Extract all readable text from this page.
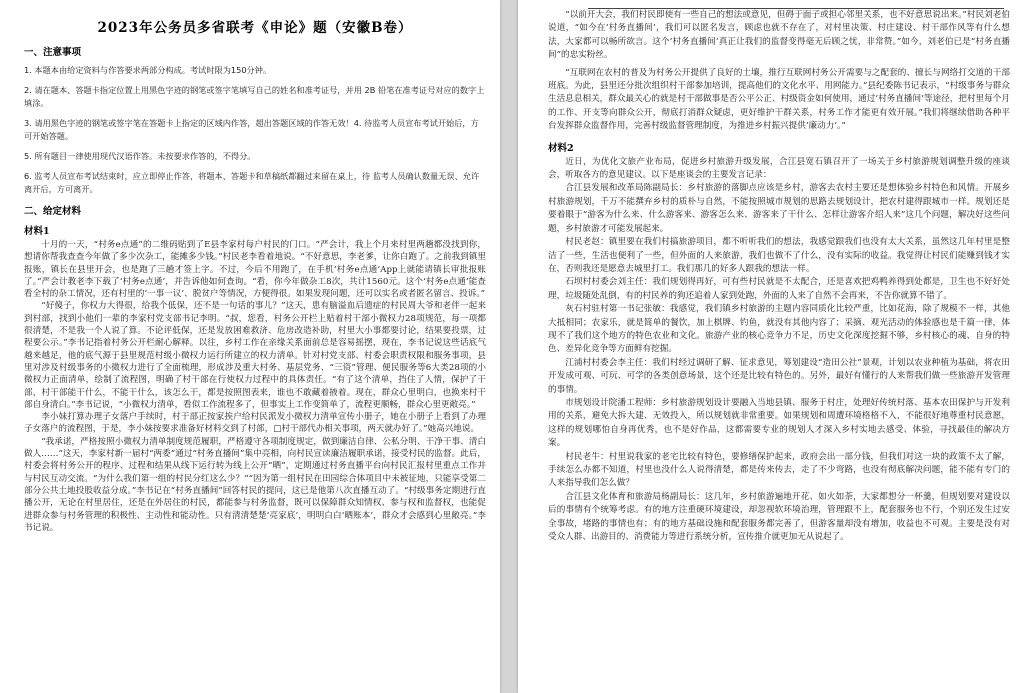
2023年公务员多省联考《申论》题（安徽B卷）
一、注意事项

1. 本题本由给定资料与作答要求两部分构成。考试时限为150分钟。

2. 请在题本、答题卡指定位置上用黑色字迹的钢笔或签字笔填写自己的姓名和准考证号，并用 2B 铅笔在准考证号对应的数字上填涂。

3. 请用黑色字迹的钢笔或签字笔在答题卡上指定的区域内作答，超出答题区域的作答无效！4. 待监考人员宣布考试开始后，方可开始答题。

5. 所有题目一律使用现代汉语作答。未按要求作答的，不得分。

6. 监考人员宣布考试结束时，应立即停止作答，将题本、答题卡和草稿纸都翻过来留在桌上，待 监考人员确认数量无误、允许离开后，方可离开。

二、给定材料
材料1

十月的一天，“村务e点通”的二维码贴到了E县李家村每户村民的门口。“严会计，我上个月来村里两趟都没找到你，想请你帮我查查今年做了多少次杂工，能摊多少钱。”村民老李看着地说。“不好意思，李老爹，让你白跑了。之前我到镇里报账，镇长在县里开会，也是跑了三趟才签上字。不过，今后不用跑了，在手机‘村务e点通’App上就能请镇长审批报账了。”严会计教老李下载了‘村务e点通’，并告诉他如何查询。“看，你今年做杂工8次，共计1560元。这个‘村务e点通’能查看全村的杂工情况，还有村里的‘一事一议’、脱贫户等情况，方便得很。如果发现问题，还可以实名或者匿名留言、投诉。”

“好傻子，你权力大得很，给我个低保，还不是一句话的事儿？”这天，患有脑溢血后遗症的村民周大爷和老伴一起来到村部，找到小他们一辈的李家村党支部书记李明。“叔，您看，村务公开栏上贴着村干部小微权力28项规范，每一项都很清楚，不是我一个人说了算。不论评低保，还是发放困难救济、危房改造补助，村里大小事都要讨论，结果要投票，过程要公示。”李书记指着村务公开栏耐心解释。以往，乡村工作在亲缘关系面前总是容易摇摆，现在，李书记说这些话底气越来越足，他的底气源于县里规范村级小微权力运行所建立的权力清单。针对村党支部、村委会职责权限和服务事项，县里对涉及村级事务的小微权力进行了全面梳理，形成涉及重大村务、基层党务、“三资”管理、便民服务等6大类28项的小微权力正面清单，绘制了流程图，明确了村干部在行使权力过程中的具体责任。“有了这个清单，挡住了人情，保护了干部，村干部能干什么，不能干什么，该怎么干，都是按照图表来，谁也不敢藏着掖着。现在，群众心里明白，也换来村干部自身清白。”李书记说，“小微权力清单，看似工作流程多了，但事实上工作变简单了，流程更顺畅，群众心里更敞亮。”

李小妹打算办理子女落户手续时，村干部正按家挨户给村民派发小微权力清单宣传小册子，她在小册子上看到了办理子女落户的流程图，于是，李小妹按要求准备好材料交到了村部，□村干部代办相关事项，两天就办好了。”她高兴地说。

“我承诺，严格按照小微权力清单制度规范履职，严格遵守各项制度规定，做到廉洁自律、公私分明、干净干事、清白做人……”这天，李家村新一届村“两委”通过“村务直播间”集中亮相，向村民宣读廉洁履职承诺，接受村民的监督。此后，村委会将村务公开的程序、过程和结果从线下运行转为线上公开“晒”，定期通过村务直播平台向村民汇报村里重点工作并与村民互动交流。“为什么我们第一组的村民分红这么少？”“因为第一组村民在田园综合体项目中未被征地，只能享受第二部分公共土地投股收益分成。”李书记在“村务直播间”回答村民的提问，这已是他第八次直播互动了。“村级事务定期进行直播公开，无论在村里居住，还是在外居住的村民，都能参与村务监督，既可以保障群众知情权、参与权和监督权，也能促进群众参与村务管理的积极性、主动性和能动性。只有清清楚楚‘亮家底’，明明白白‘晒账本’，群众才会感到心里敞亮。”李书记说。

“以前开大会，我们村民即使有一些自己的想法或意见，但碍于面子或担心邻里关系，也不好意思说出来。”村民刘老伯说道，“如今在‘村务直播间’，我们可以匿名发言，顾虑也就不存在了，对村里决策、村庄建设、村干部作风等有什么想法，大家都可以畅所欲言。这个‘村务直播间’真正让我们的监督变得毫无后顾之忧，非常赞。”如今，刘老伯已是“村务直播间”的忠实粉丝。

“互联网在农村的普及为村务公开提供了良好的土壤，推行互联网村务公开需要与之配套的、擅长与网络打交道的干部班底。为此，县里还分批次组织村干部参加培训，提高他们的文化水平、用网能力。”县纪委陈书记表示，“村级事务与群众生活息息相关，群众最关心的就是村干部做事是否公平公正、村级资金如何使用，通过‘村务直播间’等途径，把村里每个月的工作、开支等向群众公开，彻底打消群众疑虑，更好维护干群关系，村务工作才能更有效开展。”我们将继续借助各种平台发挥群众监督作用，完善村级监督管理制度，为推进乡村振兴提供‘廉动力’。”

材料2

近日，为优化文旅产业布局，促进乡村旅游升级发展，合江县宽石镇召开了一场关于乡村旅游规划调整升级的座谈会，听取各方的意见建议。以下是座谈会的主要发言记录：

合江县发展和改革局陈副局长：乡村旅游的落脚点应该是乡村，游客去农村主要还是想体验乡村特色和风情。开展乡村旅游规划，千万不能撰弃乡村的质朴与自然，不能按照城市规划的思路去规划设计，把农村建得跟城市一样。规划还是要着眼于“游客为什么来、什么游客来、游客怎么来、游客来了干什么、怎样让游客介绍人来”这几个问题，解决好这些问题，乡村旅游才可能发展起来。

村民老赵：镇里要在我们村搞旅游项目，都不听听我们的想法，我感觉跟我们也没有太大关系，虽然这几年村里是整洁了一些，生活也便利了一些，但外面的人来旅游，我们也做不了什么，没有实际的收益。我觉得让村民们能赚到钱才实在，否则我还是愿意去城里打工。我们那几的好多人跟我的想法一样。

石坝村村委会刘主任：我们规划得再好，可有些村民就是不太配合，还是喜欢把鸡鸭养得到处都是，卫生也不好好处理，垃圾随处乱倒，有的村民养的狗还追着人家到处跑，外面的人来了自然不会再来，不告你就算不错了。

灰石村驻村第一书记张敏：我感觉，我们镇乡村旅游的主题内容同质化比较严重，比如花海，除了规模不一样，其他大抵相同；农家乐，就是简单的餐饮，加上棋牌、钓鱼，就没有其他内容了；采摘、观光活动的体验感也是千篇一律，体现不了我们这个地方的特色农业和文化。旅游产业的核心竞争力不足，历史文化深度挖掘不够，乡村核心的魂、自身的特色、差异化竞争等方面鲜有挖掘。

江浦村村委会李主任：我们村经过调研了解、征求意见，筹划建设“造田公社”景观，计划以农业种植为基础，将农田开发成可观、可玩、可学的各类创意场景，这个还是比较有特色的。另外，最好有懂行的人来帮我们做一些旅游开发管理的事情。

市规划设计院潘工程师：乡村旅游规划设计要融入当地县镇、服务于村庄，处理好传统村落、基本农田保护与开发利用的关系，避免大拆大建、无效投入，所以规划就非常重要。如果规划和周遭环境格格不入，不能很好地尊重村民意愿，这样的规划哪怕自身再优秀，也不是好作品，这都需要专业的规划人才深入乡村实地去感受、体验，寻找最佳的解决方案。

村民老牛：村里说我家的老宅比较有特色，要修缮保护起来，政府会出一部分钱，但我们对这一块的政策不太了解，手续怎么办都不知道，村里也没什么人说得清楚，都是传来传去，走了不少弯路，也没有彻底解决问题，能不能有专门的人来指导我们怎么做？

合江县文化体育和旅游局杨副局长：这几年，乡村旅游遍地开花、如火如荼，大家都想分一杯羹，但规划要对建设以后的事情有个统筹考虑。有的地方注重硬环境建设，却忽视软环境治理，管理跟不上，配套服务也不行，个别还发生过安全事故，堵路的事情也有；有的地方基础设施和配套服务都完善了，但游客量却没有增加，收益也不可观。主要是没有对受众人群、出游目的、消费能力等进行系统分析，宣传推介就更加无从说起了。
